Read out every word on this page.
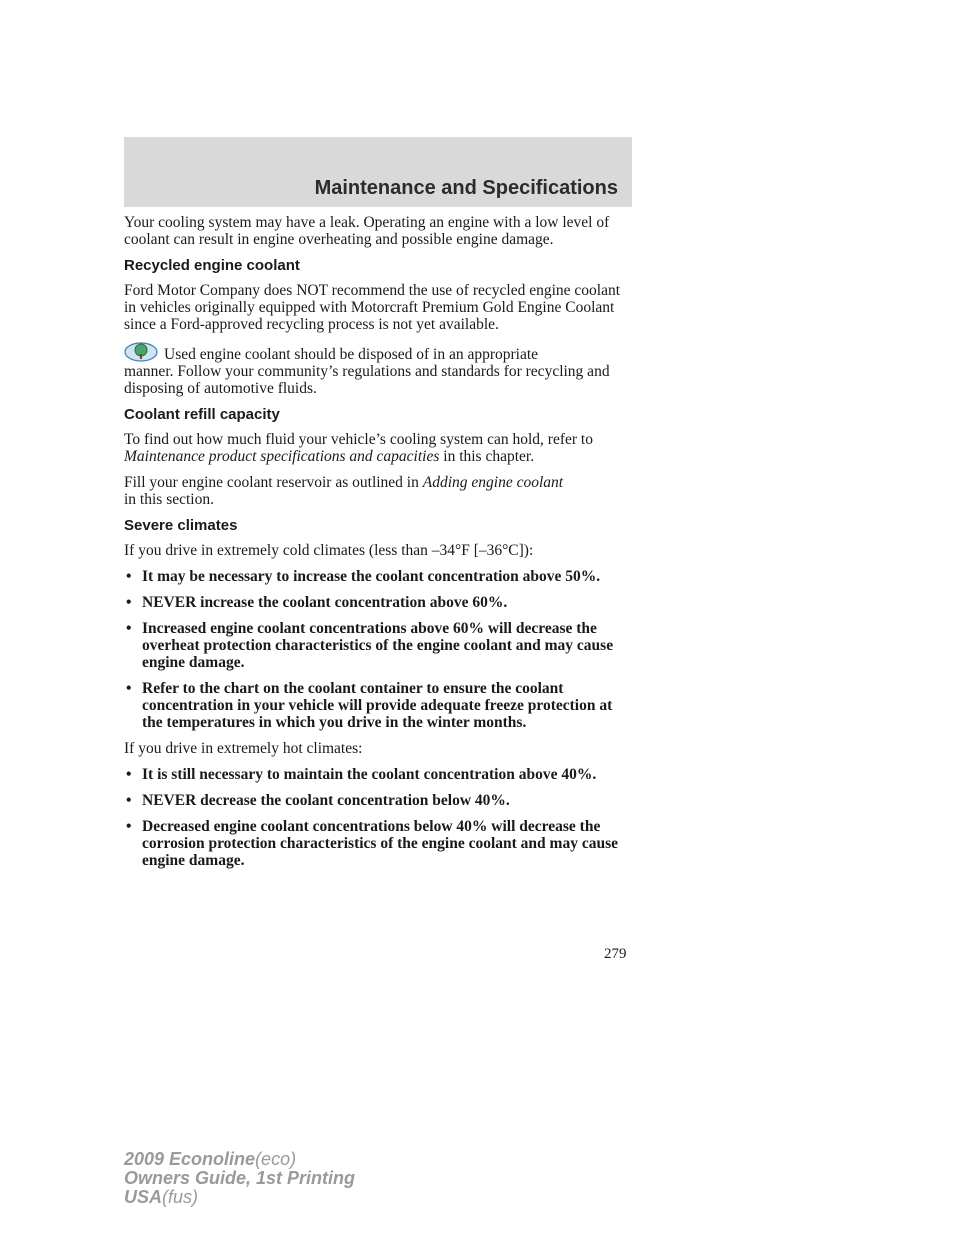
Maintenance and Specifications

Your cooling system may have a leak. Operating an engine with a low level of coolant can result in engine overheating and possible engine damage.

Recycled engine coolant

Ford Motor Company does NOT recommend the use of recycled engine coolant in vehicles originally equipped with Motorcraft Premium Gold Engine Coolant since a Ford-approved recycling process is not yet available.

Used engine coolant should be disposed of in an appropriate
manner. Follow your community’s regulations and standards for recycling and disposing of automotive fluids.

Coolant refill capacity

To find out how much fluid your vehicle’s cooling system can hold, refer to
Maintenance product specifications and capacities in this chapter.

Fill your engine coolant reservoir as outlined in Adding engine coolant
in this section.

Severe climates

If you drive in extremely cold climates (less than –34°F [–36°C]):

• It may be necessary to increase the coolant concentration above 50%.
• NEVER increase the coolant concentration above 60%.
• Increased engine coolant concentrations above 60% will decrease the overheat protection characteristics of the engine coolant and may cause engine damage.
• Refer to the chart on the coolant container to ensure the coolant concentration in your vehicle will provide adequate freeze protection at the temperatures in which you drive in the winter months.

If you drive in extremely hot climates:

• It is still necessary to maintain the coolant concentration above 40%.
• NEVER decrease the coolant concentration below 40%.
• Decreased engine coolant concentrations below 40% will decrease the corrosion protection characteristics of the engine coolant and may cause engine damage.
279
2009 Econoline(eco)
Owners Guide, 1st Printing
USA(fus)
